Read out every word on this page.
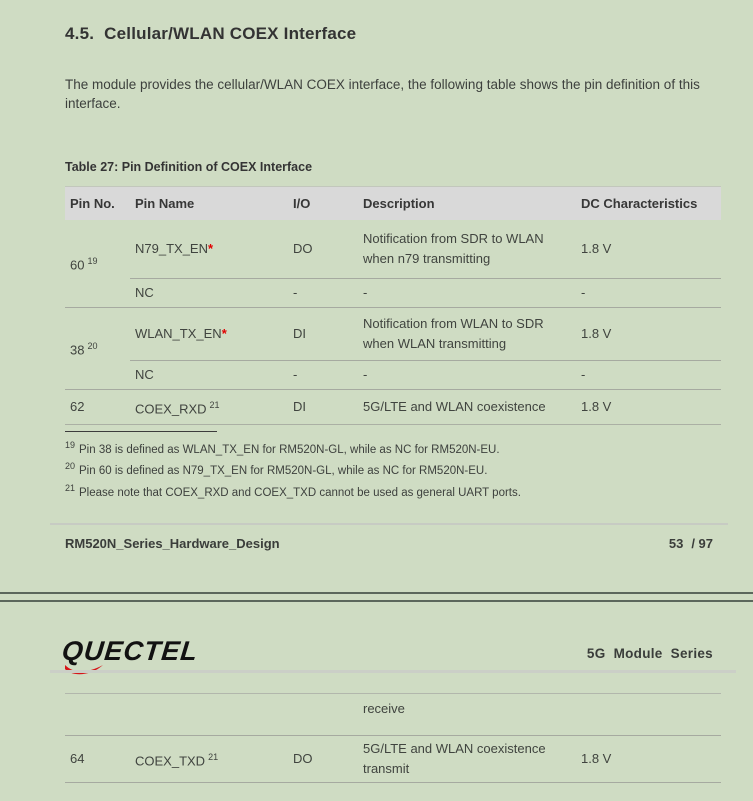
4.5. Cellular/WLAN COEX Interface
The module provides the cellular/WLAN COEX interface, the following table shows the pin definition of this interface.
Table 27: Pin Definition of COEX Interface
Pin No.	Pin Name	I/O	Description	DC Characteristics
60 $^{19}$	N79_TX_EN*	DO	Notification from SDR to WLAN when n79 transmitting	1.8 V
	NC	-	-	-
38 $^{20}$	WLAN_TX_EN*	DI	Notification from WLAN to SDR when WLAN transmitting	1.8 V
	NC	-	-	-
62	COEX_RXD $^{21}$	DI	5G/LTE and WLAN coexistence	1.8 V
$^{19}$ Pin 38 is defined as WLAN_TX_EN for RM520N-GL, while as NC for RM520N-EU.
$^{20}$ Pin 60 is defined as N79_TX_EN for RM520N-GL, while as NC for RM520N-EU.
$^{21}$ Please note that COEX_RXD and COEX_TXD cannot be used as general UART ports.
RM520N_Series_Hardware_Design	53 / 97
QUECTEL	5G Module Series
			receive	
64	COEX_TXD $^{21}$	DO	5G/LTE and WLAN coexistence transmit	1.8 V
